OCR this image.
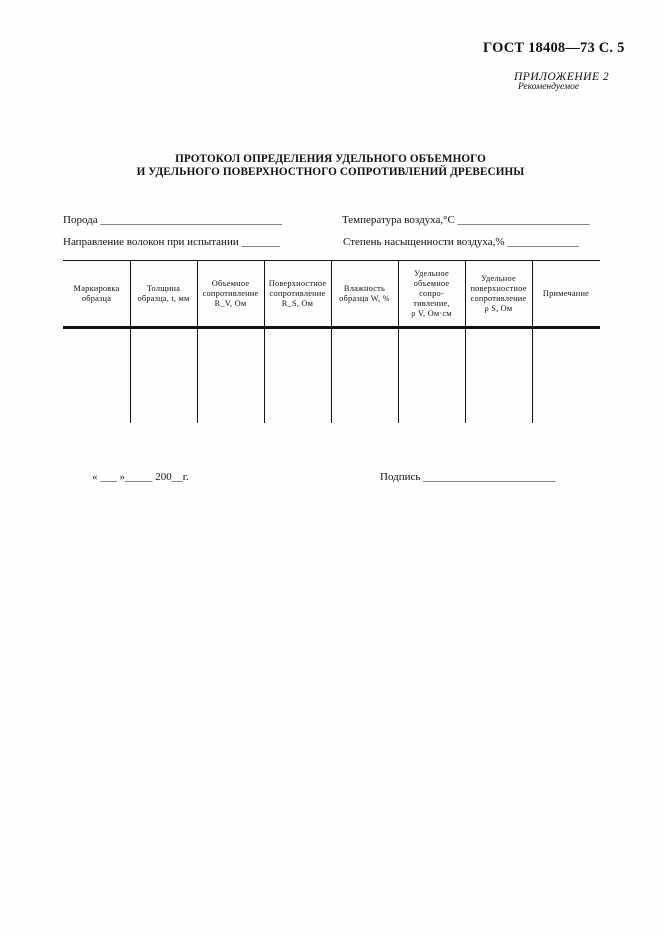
ГОСТ 18408—73 С. 5
ПРИЛОЖЕНИЕ 2
Рекомендуемое
ПРОТОКОЛ ОПРЕДЕЛЕНИЯ УДЕЛЬНОГО ОБЪЕМНОГО
И УДЕЛЬНОГО ПОВЕРХНОСТНОГО СОПРОТИВЛЕНИЙ ДРЕВЕСИНЫ
Порода _________________________________
Направление волокон при испытании _______
Температура воздуха,°С ________________________
Степень насыщенности воздуха,% _____________
Маркировка
образца
Толщина
образца, t, мм
Объемное
сопротивление
R_V, Ом
Поверхностное
сопротивление
R_S, Ом
Влажность
образца W, %
Удельное
объемное
сопро-
тивление,
ρ V, Ом·см
Удельное
поверхностное
сопротивление
ρ S, Ом
Примечание
« ___ »_____ 200__г.	Подпись ________________________
